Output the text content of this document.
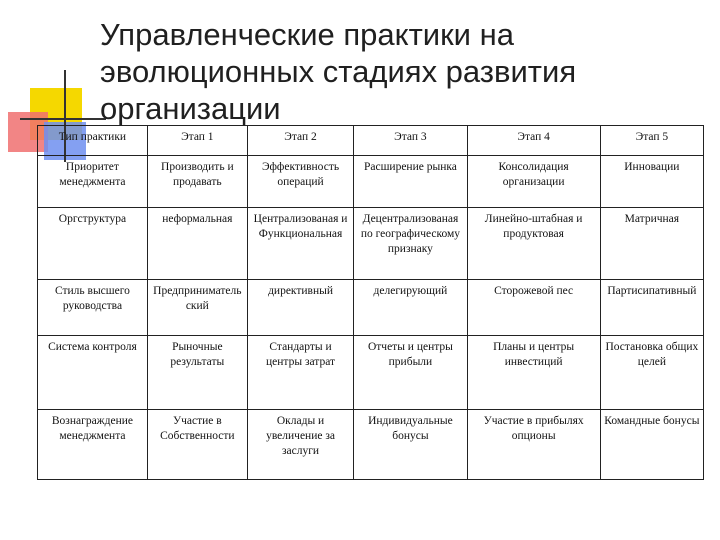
Управленческие практики на
эволюционных стадиях развития
организации
Тип практики	Этап 1	Этап 2	Этап 3	Этап 4	Этап 5
Приоритет менеджмента	Производить и продавать	Эффективность операций	Расширение рынка	Консолидация организации	Инновации
Оргструктура	неформальная	Централизованая и Функциональная	Децентрализованая по географическому признаку	Линейно-штабная и продуктовая	Матричная
Стиль высшего руководства	Предпринимательский	директивный	делегирующий	Сторожевой пес	Партисипативный
Система контроля	Рыночные результаты	Стандарты и центры затрат	Отчеты и центры прибыли	Планы и центры инвестиций	Постановка общих целей
Вознаграждение менеджмента	Участие в Собственности	Оклады и увеличение за заслуги	Индивидуальные бонусы	Участие в прибылях опционы	Командные бонусы
